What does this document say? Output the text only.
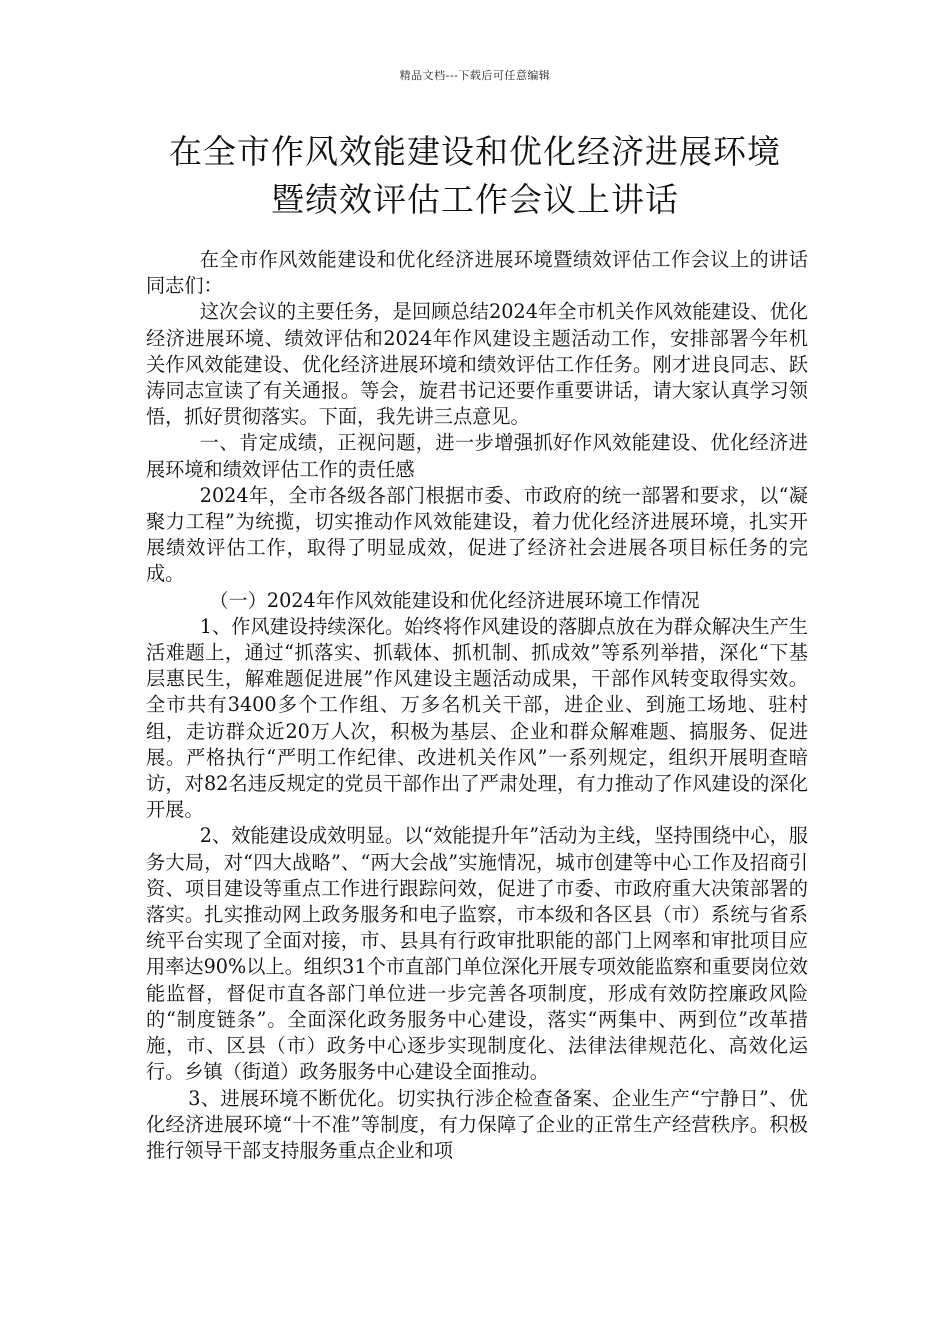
精品文档---下载后可任意编辑
在全市作风效能建设和优化经济进展环境
暨绩效评估工作会议上讲话

在全市作风效能建设和优化经济进展环境暨绩效评估工作会议上的讲话 同志们：

这次会议的主要任务，是回顾总结2024年全市机关作风效能建设、优化经济进展环境、绩效评估和2024年作风建设主题活动工作，安排部署今年机关作风效能建设、优化经济进展环境和绩效评估工作任务。刚才进良同志、跃涛同志宣读了有关通报。等会，旋君书记还要作重要讲话，请大家认真学习领悟，抓好贯彻落实。下面，我先讲三点意见。

一、肯定成绩，正视问题，进一步增强抓好作风效能建设、优化经济进展环境和绩效评估工作的责任感

2024年，全市各级各部门根据市委、市政府的统一部署和要求，以“凝聚力工程”为统揽，切实推动作风效能建设，着力优化经济进展环境，扎实开展绩效评估工作，取得了明显成效，促进了经济社会进展各项目标任务的完成。

（一）2024年作风效能建设和优化经济进展环境工作情况

1、作风建设持续深化。始终将作风建设的落脚点放在为群众解决生产生活难题上，通过“抓落实、抓载体、抓机制、抓成效”等系列举措，深化“下基层惠民生，解难题促进展”作风建设主题活动成果，干部作风转变取得实效。全市共有3400多个工作组、万多名机关干部，进企业、到施工场地、驻村组，走访群众近20万人次，积极为基层、企业和群众解难题、搞服务、促进展。严格执行“严明工作纪律、改进机关作风”一系列规定，组织开展明查暗访，对82名违反规定的党员干部作出了严肃处理，有力推动了作风建设的深化开展。

2、效能建设成效明显。以“效能提升年”活动为主线，坚持围绕中心，服务大局，对“四大战略”、“两大会战”实施情况，城市创建等中心工作及招商引资、项目建设等重点工作进行跟踪问效，促进了市委、市政府重大决策部署的落实。扎实推动网上政务服务和电子监察，市本级和各区县（市）系统与省系统平台实现了全面对接，市、县具有行政审批职能的部门上网率和审批项目应用率达90%以上。组织31个市直部门单位深化开展专项效能监察和重要岗位效能监督，督促市直各部门单位进一步完善各项制度，形成有效防控廉政风险的“制度链条”。全面深化政务服务中心建设，落实“两集中、两到位”改革措施，市、区县（市）政务中心逐步实现制度化、法律法律规范化、高效化运行。乡镇（街道）政务服务中心建设全面推动。

3、进展环境不断优化。切实执行涉企检查备案、企业生产“宁静日”、优化经济进展环境“十不准”等制度，有力保障了企业的正常生产经营秩序。积极推行领导干部支持服务重点企业和项
